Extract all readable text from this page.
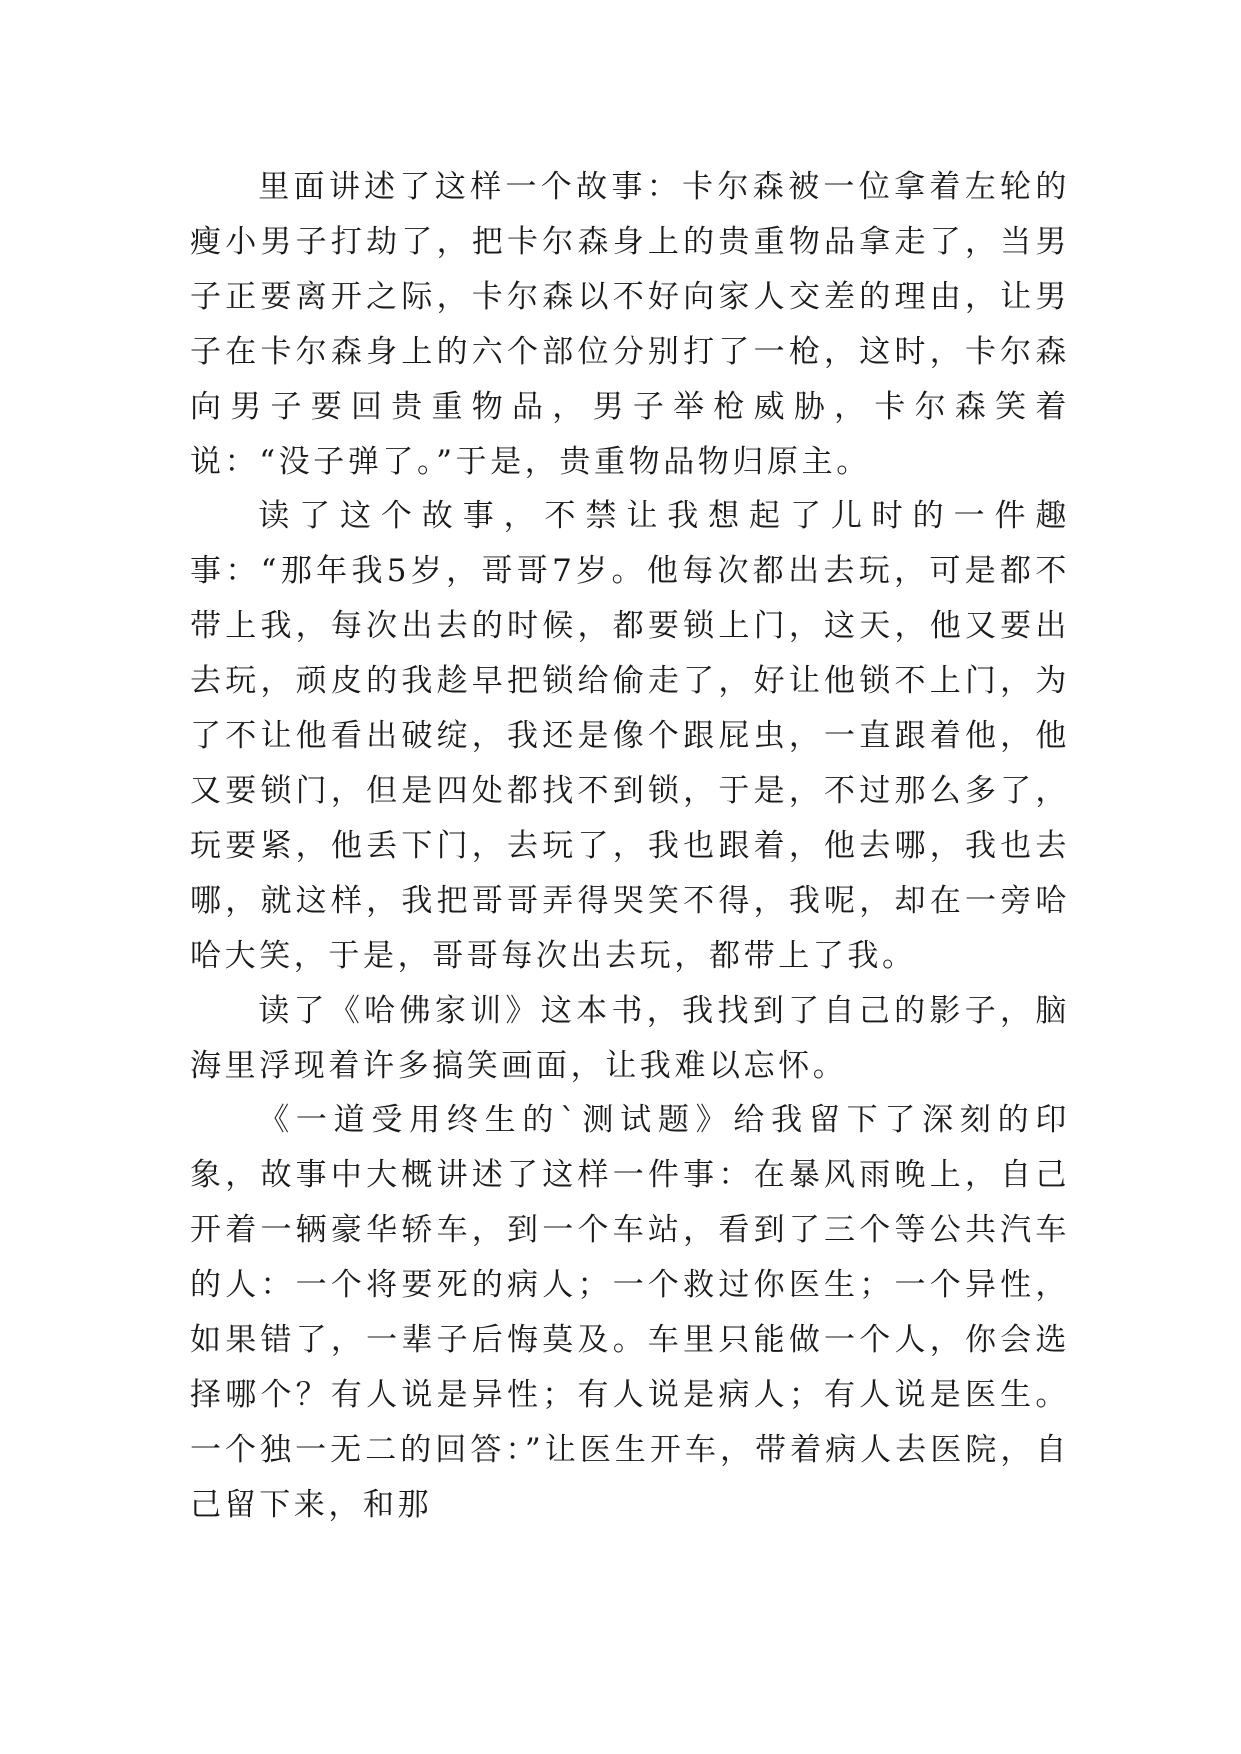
里面讲述了这样一个故事：卡尔森被一位拿着左轮的瘦小男子打劫了，把卡尔森身上的贵重物品拿走了，当男子正要离开之际，卡尔森以不好向家人交差的理由，让男子在卡尔森身上的六个部位分别打了一枪，这时，卡尔森向男子要回贵重物品，男子举枪威胁，卡尔森笑着说：“没子弹了。”于是，贵重物品物归原主。

读了这个故事，不禁让我想起了儿时的一件趣事：“那年我5岁，哥哥7岁。他每次都出去玩，可是都不带上我，每次出去的时候，都要锁上门，这天，他又要出去玩，顽皮的我趁早把锁给偷走了，好让他锁不上门，为了不让他看出破绽，我还是像个跟屁虫，一直跟着他，他又要锁门，但是四处都找不到锁，于是，不过那么多了，玩要紧，他丢下门，去玩了，我也跟着，他去哪，我也去哪，就这样，我把哥哥弄得哭笑不得，我呢，却在一旁哈哈大笑，于是，哥哥每次出去玩，都带上了我。

读了《哈佛家训》这本书，我找到了自己的影子，脑海里浮现着许多搞笑画面，让我难以忘怀。

《一道受用终生的`测试题》给我留下了深刻的印象，故事中大概讲述了这样一件事：在暴风雨晚上，自己开着一辆豪华轿车，到一个车站，看到了三个等公共汽车的人：一个将要死的病人；一个救过你医生；一个异性，如果错了，一辈子后悔莫及。车里只能做一个人，你会选择哪个？有人说是异性；有人说是病人；有人说是医生。一个独一无二的回答：”让医生开车，带着病人去医院，自己留下来，和那
